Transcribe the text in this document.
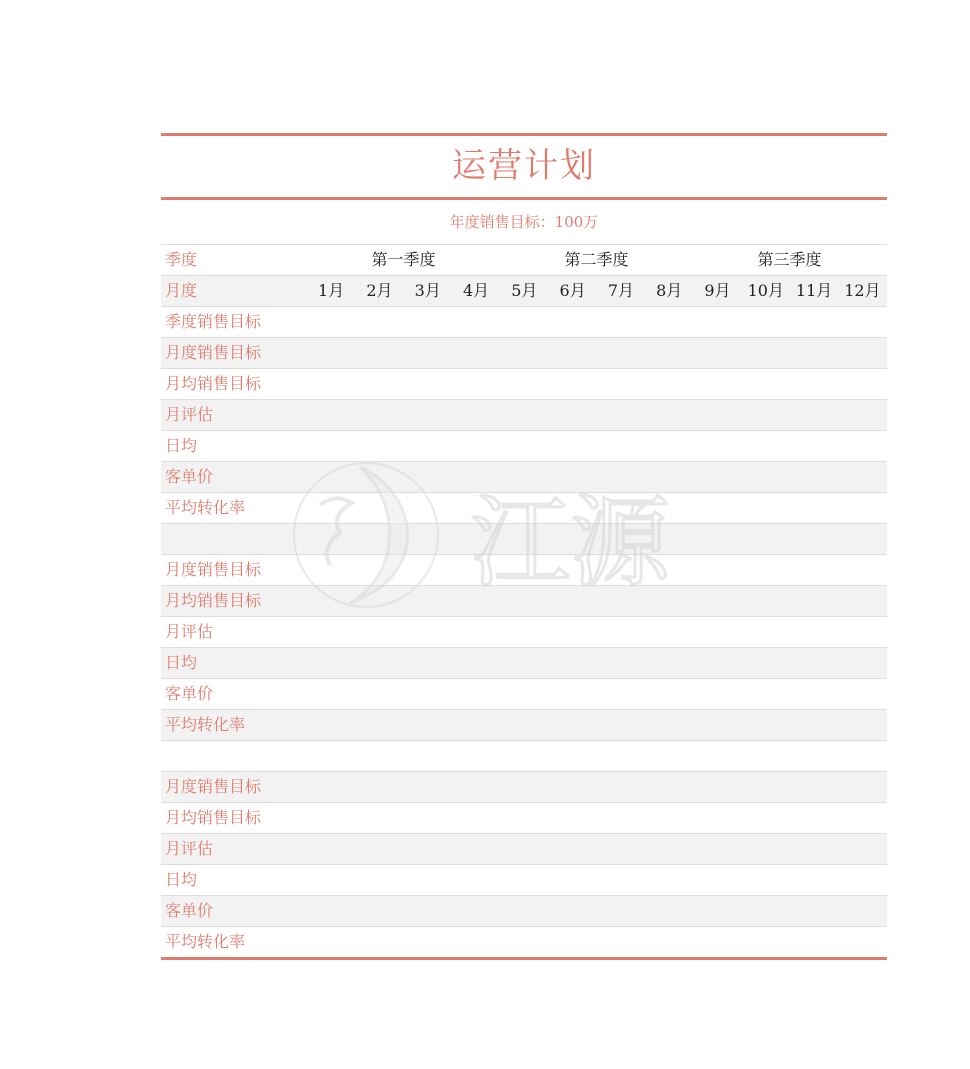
运营计划
年度销售目标：100万
季度	第一季度	第二季度	第三季度
月度	1月	2月	3月	4月	5月	6月	7月	8月	9月	10月 11月 12月
季度销售目标
月度销售目标
月均销售目标
月评估
日均
客单价
平均转化率
月度销售目标
月均销售目标
月评估
日均
客单价
平均转化率
月度销售目标
月均销售目标
月评估
日均
客单价
平均转化率
江源
